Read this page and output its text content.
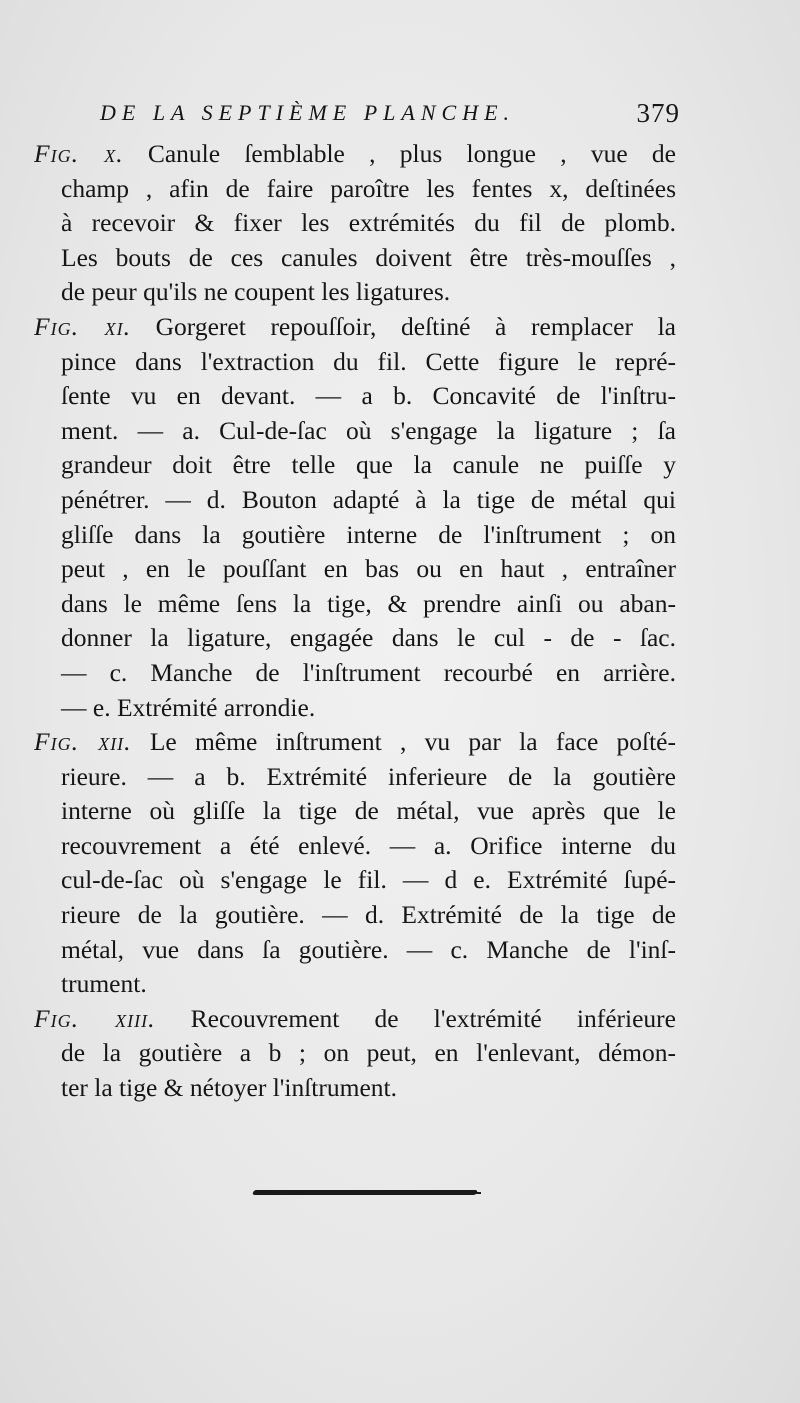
DE LA SEPTIÈME PLANCHE.	379
Fig. x. Canule ſemblable , plus longue , vue de
champ , afin de faire paroître les fentes x, deſtinées
à recevoir & fixer les extrémités du fil de plomb.
Les bouts de ces canules doivent être très-mouſſes ,
de peur qu'ils ne coupent les ligatures.
Fig. xi. Gorgeret repouſſoir, deſtiné à remplacer la
pince dans l'extraction du fil. Cette figure le repré-
ſente vu en devant. — a b. Concavité de l'inſtru-
ment. — a. Cul-de-ſac où s'engage la ligature ; ſa
grandeur doit être telle que la canule ne puiſſe y
pénétrer. — d. Bouton adapté à la tige de métal qui
gliſſe dans la goutière interne de l'inſtrument ; on
peut , en le pouſſant en bas ou en haut , entraîner
dans le même ſens la tige, & prendre ainſi ou aban-
donner la ligature, engagée dans le cul - de - ſac.
— c. Manche de l'inſtrument recourbé en arrière.
— e. Extrémité arrondie.
Fig. xii. Le même inſtrument , vu par la face poſté-
rieure. — a b. Extrémité inferieure de la goutière
interne où gliſſe la tige de métal, vue après que le
recouvrement a été enlevé. — a. Orifice interne du
cul-de-ſac où s'engage le fil. — d e. Extrémité ſupé-
rieure de la goutière. — d. Extrémité de la tige de
métal, vue dans ſa goutière. — c. Manche de l'inſ-
trument.
Fig. xiii. Recouvrement de l'extrémité inférieure
de la goutière a b ; on peut, en l'enlevant, démon-
ter la tige & nétoyer l'inſtrument.
